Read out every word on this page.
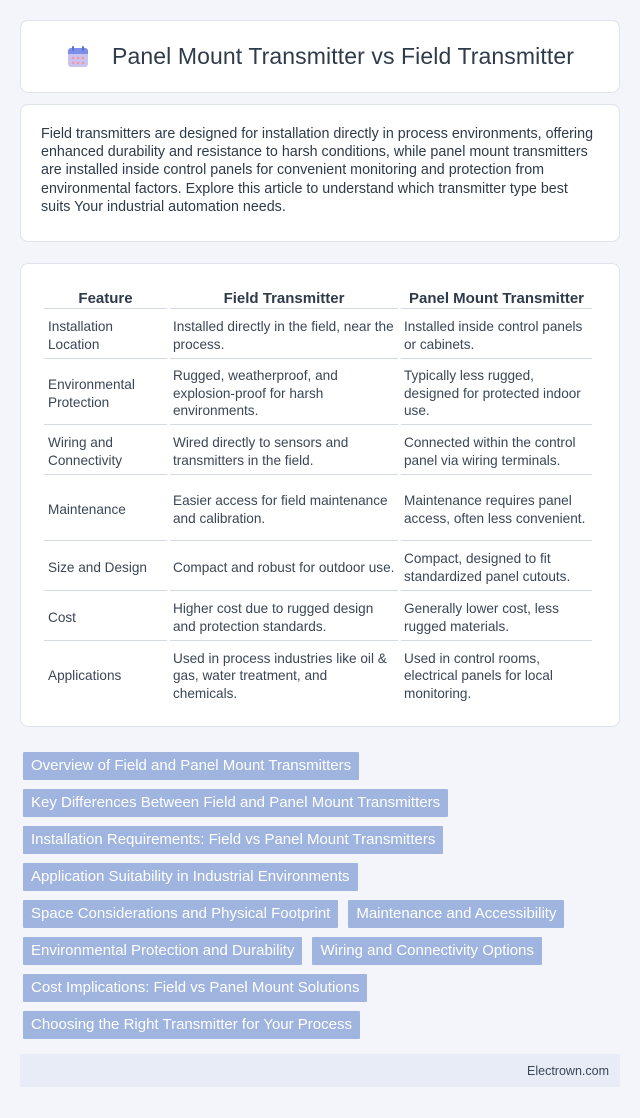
Panel Mount Transmitter vs Field Transmitter

Field transmitters are designed for installation directly in process environments, offering enhanced durability and resistance to harsh conditions, while panel mount transmitters are installed inside control panels for convenient monitoring and protection from environmental factors. Explore this article to understand which transmitter type best suits Your industrial automation needs.

Feature	Field Transmitter	Panel Mount Transmitter
Installation Location	Installed directly in the field, near the process.	Installed inside control panels or cabinets.
Environmental Protection	Rugged, weatherproof, and explosion-proof for harsh environments.	Typically less rugged, designed for protected indoor use.
Wiring and Connectivity	Wired directly to sensors and transmitters in the field.	Connected within the control panel via wiring terminals.
Maintenance	Easier access for field maintenance and calibration.	Maintenance requires panel access, often less convenient.
Size and Design	Compact and robust for outdoor use.	Compact, designed to fit standardized panel cutouts.
Cost	Higher cost due to rugged design and protection standards.	Generally lower cost, less rugged materials.
Applications	Used in process industries like oil & gas, water treatment, and chemicals.	Used in control rooms, electrical panels for local monitoring.
Overview of Field and Panel Mount Transmitters
Key Differences Between Field and Panel Mount Transmitters
Installation Requirements: Field vs Panel Mount Transmitters
Application Suitability in Industrial Environments
Space Considerations and Physical Footprint	Maintenance and Accessibility
Environmental Protection and Durability	Wiring and Connectivity Options
Cost Implications: Field vs Panel Mount Solutions
Choosing the Right Transmitter for Your Process
Electrown.com
